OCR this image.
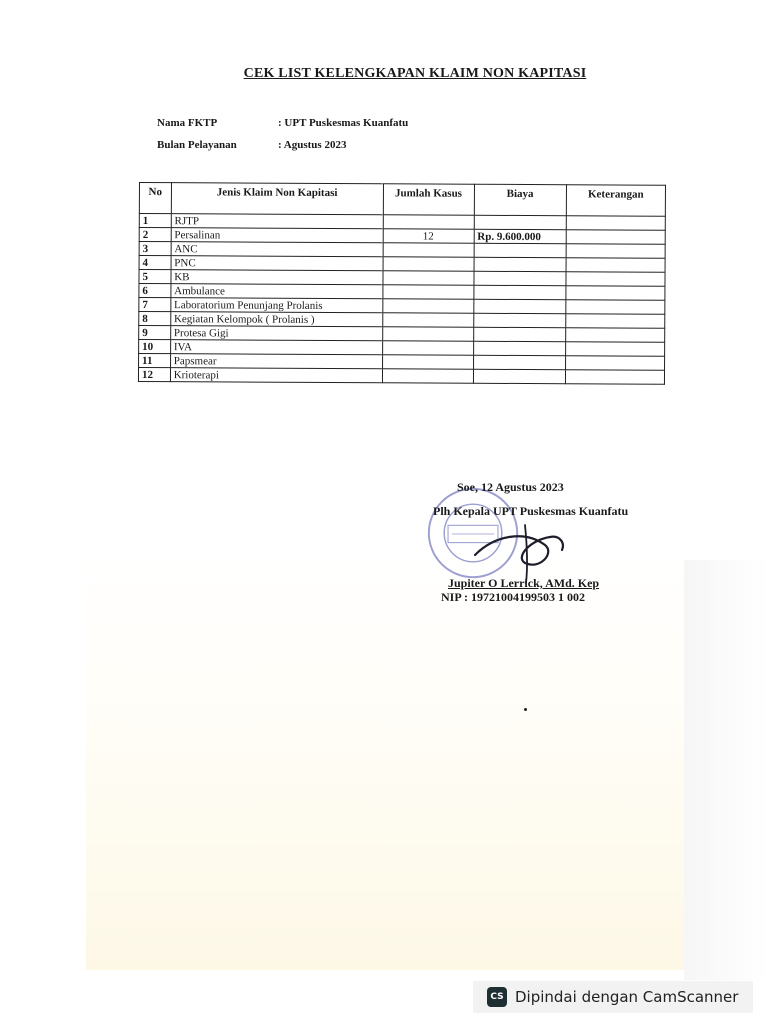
CEK LIST KELENGKAPAN KLAIM NON KAPITASI
Nama FKTP	: UPT Puskesmas Kuanfatu
Bulan Pelayanan	: Agustus 2023
No	Jenis Klaim Non Kapitasi	Jumlah Kasus	Biaya	Keterangan
1	RJTP			
2	Persalinan	12	Rp. 9.600.000	
3	ANC			
4	PNC			
5	KB			
6	Ambulance			
7	Laboratorium Penunjang Prolanis			
8	Kegiatan Kelompok ( Prolanis )			
9	Protesa Gigi			
10	IVA			
11	Papsmear			
12	Krioterapi			
Soe, 12 Agustus 2023
Plh Kepala UPT Puskesmas Kuanfatu
Jupiter O Lerrick, AMd. Kep
NIP : 19721004199503 1 002
CS Dipindai dengan CamScanner
